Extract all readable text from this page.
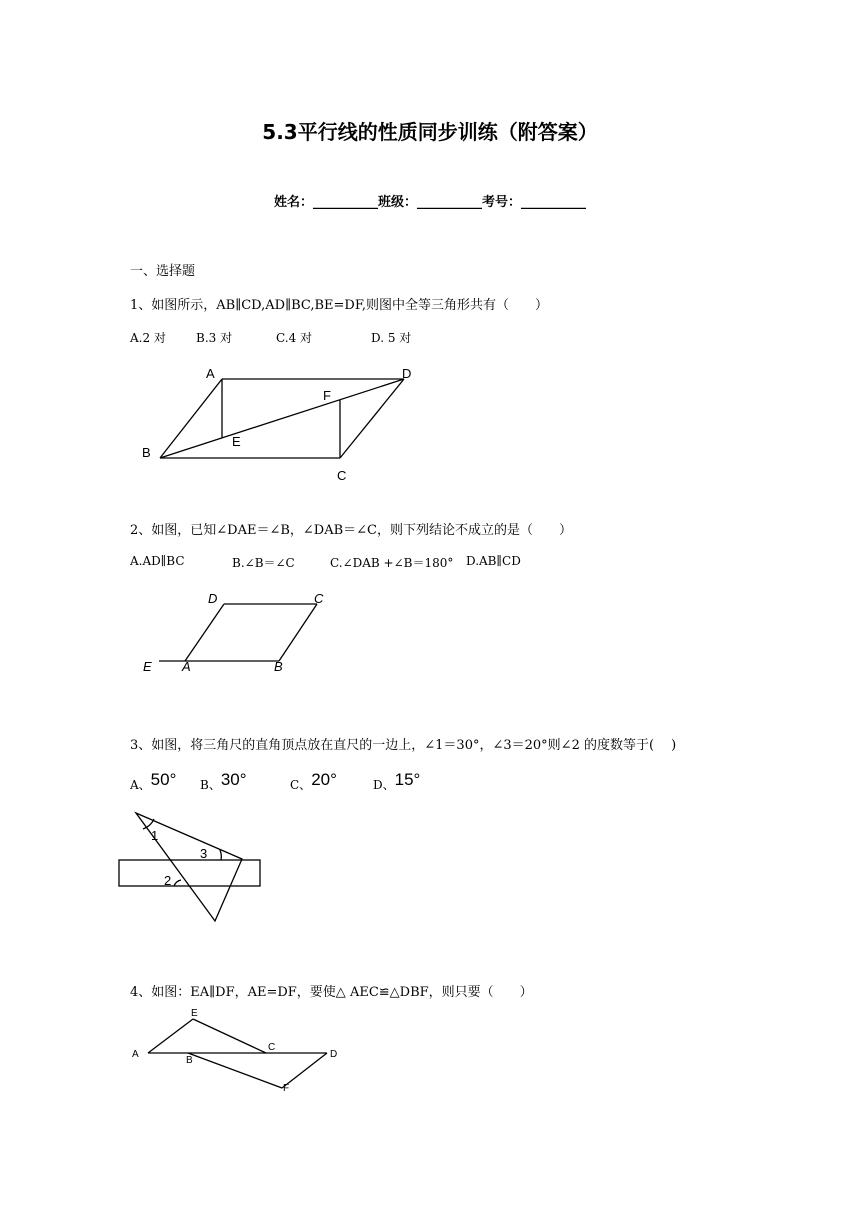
5.3平行线的性质同步训练（附答案）
姓名：__________班级：__________考号：__________
一、选择题
1、如图所示，AB∥CD,AD∥BC,BE=DF,则图中全等三角形共有（　　）
A.2 对	B.3 对	C.4 对	D. 5 对
A	D
F
E
B
C
2、如图，已知∠DAE＝∠B，∠DAB＝∠C，则下列结论不成立的是（　　）
A.AD∥BC	B.∠B＝∠C	C.∠DAB +∠B＝180° D.AB∥CD
D	C
E A	B
3、如图，将三角尺的直角顶点放在直尺的一边上，∠1＝30°，∠3＝20°则∠2 的度数等于(　 )
A、50° B、30°	C、20°	D、15°
1
3
2
4、如图：EA∥DF，AE=DF，要使△ AEC≌△DBF，则只要（　　）
E
A
C
D
B
F
